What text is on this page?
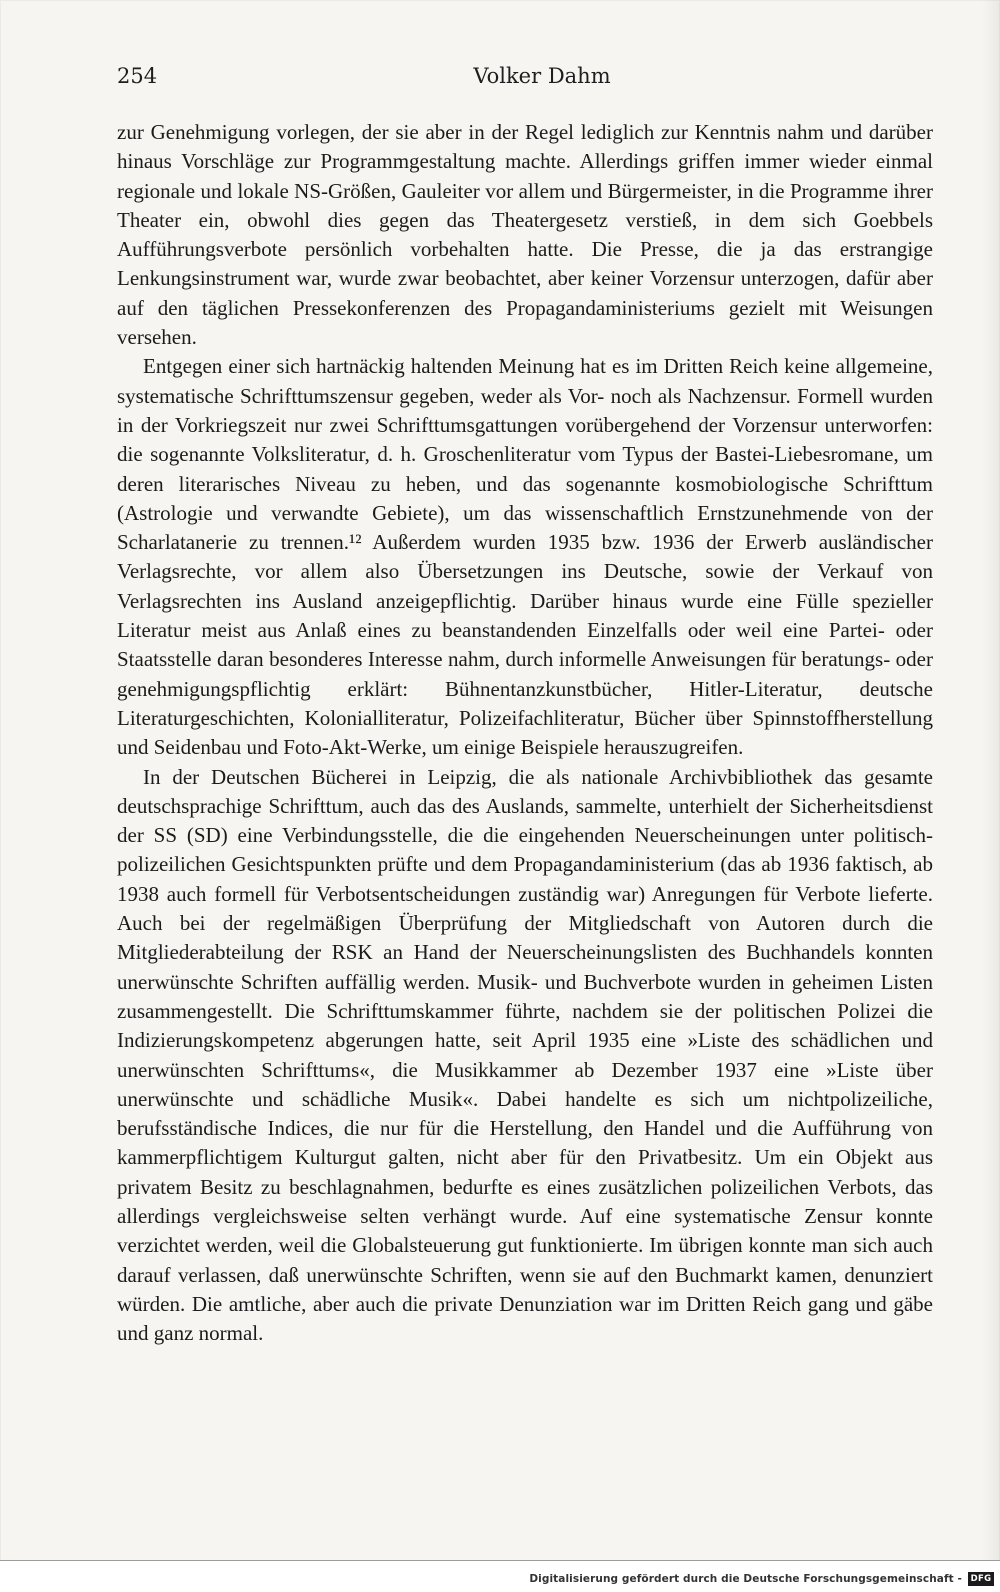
254	Volker Dahm

zur Genehmigung vorlegen, der sie aber in der Regel lediglich zur Kenntnis nahm und darüber hinaus Vorschläge zur Programmgestaltung machte. Allerdings griffen immer wieder einmal regionale und lokale NS-Größen, Gauleiter vor allem und Bürgermeister, in die Programme ihrer Theater ein, obwohl dies gegen das Theatergesetz verstieß, in dem sich Goebbels Aufführungsverbote persönlich vorbehalten hatte. Die Presse, die ja das erstrangige Lenkungsinstrument war, wurde zwar beobachtet, aber keiner Vorzensur unterzogen, dafür aber auf den täglichen Pressekonferenzen des Propagandaministeriums gezielt mit Weisungen versehen.

Entgegen einer sich hartnäckig haltenden Meinung hat es im Dritten Reich keine allgemeine, systematische Schrifttumszensur gegeben, weder als Vor- noch als Nachzensur. Formell wurden in der Vorkriegszeit nur zwei Schrifttumsgattungen vorübergehend der Vorzensur unterworfen: die sogenannte Volksliteratur, d. h. Groschenliteratur vom Typus der Bastei-Liebesromane, um deren literarisches Niveau zu heben, und das sogenannte kosmobiologische Schrifttum (Astrologie und verwandte Gebiete), um das wissenschaftlich Ernstzunehmende von der Scharlatanerie zu trennen.¹² Außerdem wurden 1935 bzw. 1936 der Erwerb ausländischer Verlagsrechte, vor allem also Übersetzungen ins Deutsche, sowie der Verkauf von Verlagsrechten ins Ausland anzeigepflichtig. Darüber hinaus wurde eine Fülle spezieller Literatur meist aus Anlaß eines zu beanstandenden Einzelfalls oder weil eine Partei- oder Staatsstelle daran besonderes Interesse nahm, durch informelle Anweisungen für beratungs- oder genehmigungspflichtig erklärt: Bühnentanzkunstbücher, Hitler-Literatur, deutsche Literaturgeschichten, Kolonialliteratur, Polizeifachliteratur, Bücher über Spinnstoffherstellung und Seidenbau und Foto-Akt-Werke, um einige Beispiele herauszugreifen.

In der Deutschen Bücherei in Leipzig, die als nationale Archivbibliothek das gesamte deutschsprachige Schrifttum, auch das des Auslands, sammelte, unterhielt der Sicherheitsdienst der SS (SD) eine Verbindungsstelle, die die eingehenden Neuerscheinungen unter politisch-polizeilichen Gesichtspunkten prüfte und dem Propagandaministerium (das ab 1936 faktisch, ab 1938 auch formell für Verbotsentscheidungen zuständig war) Anregungen für Verbote lieferte. Auch bei der regelmäßigen Überprüfung der Mitgliedschaft von Autoren durch die Mitgliederabteilung der RSK an Hand der Neuerscheinungslisten des Buchhandels konnten unerwünschte Schriften auffällig werden. Musik- und Buchverbote wurden in geheimen Listen zusammengestellt. Die Schrifttumskammer führte, nachdem sie der politischen Polizei die Indizierungskompetenz abgerungen hatte, seit April 1935 eine »Liste des schädlichen und unerwünschten Schrifttums«, die Musikkammer ab Dezember 1937 eine »Liste über unerwünschte und schädliche Musik«. Dabei handelte es sich um nichtpolizeiliche, berufsständische Indices, die nur für die Herstellung, den Handel und die Aufführung von kammerpflichtigem Kulturgut galten, nicht aber für den Privatbesitz. Um ein Objekt aus privatem Besitz zu beschlagnahmen, bedurfte es eines zusätzlichen polizeilichen Verbots, das allerdings vergleichsweise selten verhängt wurde. Auf eine systematische Zensur konnte verzichtet werden, weil die Globalsteuerung gut funktionierte. Im übrigen konnte man sich auch darauf verlassen, daß unerwünschte Schriften, wenn sie auf den Buchmarkt kamen, denunziert würden. Die amtliche, aber auch die private Denunziation war im Dritten Reich gang und gäbe und ganz normal.

Digitalisierung gefördert durch die Deutsche Forschungsgemeinschaft -	DFG
